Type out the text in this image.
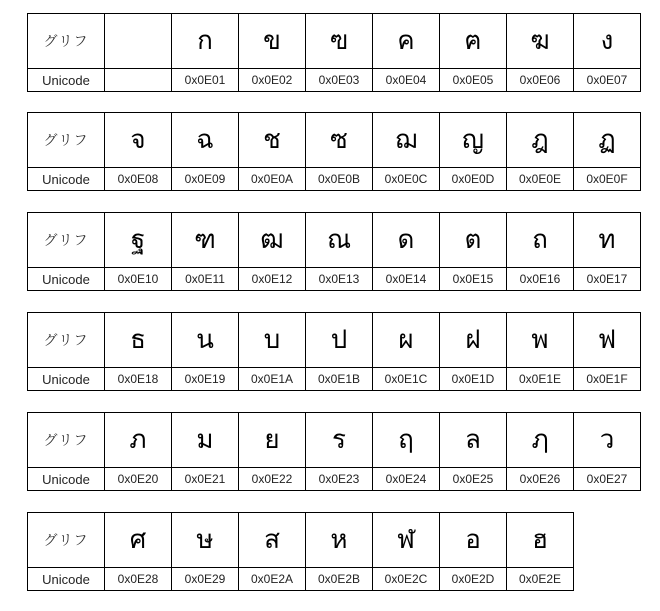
グリフ		ก	ข	ฃ	ค	ฅ	ฆ	ง
Unicode		0x0E01	0x0E02	0x0E03	0x0E04	0x0E05	0x0E06	0x0E07
グリフ	จ	ฉ	ช	ซ	ฌ	ญ	ฎ	ฏ
Unicode	0x0E08	0x0E09	0x0E0A	0x0E0B	0x0E0C	0x0E0D	0x0E0E	0x0E0F
グリフ	ฐ	ฑ	ฒ	ณ	ด	ต	ถ	ท
Unicode	0x0E10	0x0E11	0x0E12	0x0E13	0x0E14	0x0E15	0x0E16	0x0E17
グリフ	ธ	น	บ	ป	ผ	ฝ	พ	ฟ
Unicode	0x0E18	0x0E19	0x0E1A	0x0E1B	0x0E1C	0x0E1D	0x0E1E	0x0E1F
グリフ	ภ	ม	ย	ร	ฤ	ล	ฦ	ว
Unicode	0x0E20	0x0E21	0x0E22	0x0E23	0x0E24	0x0E25	0x0E26	0x0E27
グリフ	ศ	ษ	ส	ห	ฬ	อ	ฮ
Unicode	0x0E28	0x0E29	0x0E2A	0x0E2B	0x0E2C	0x0E2D	0x0E2E
